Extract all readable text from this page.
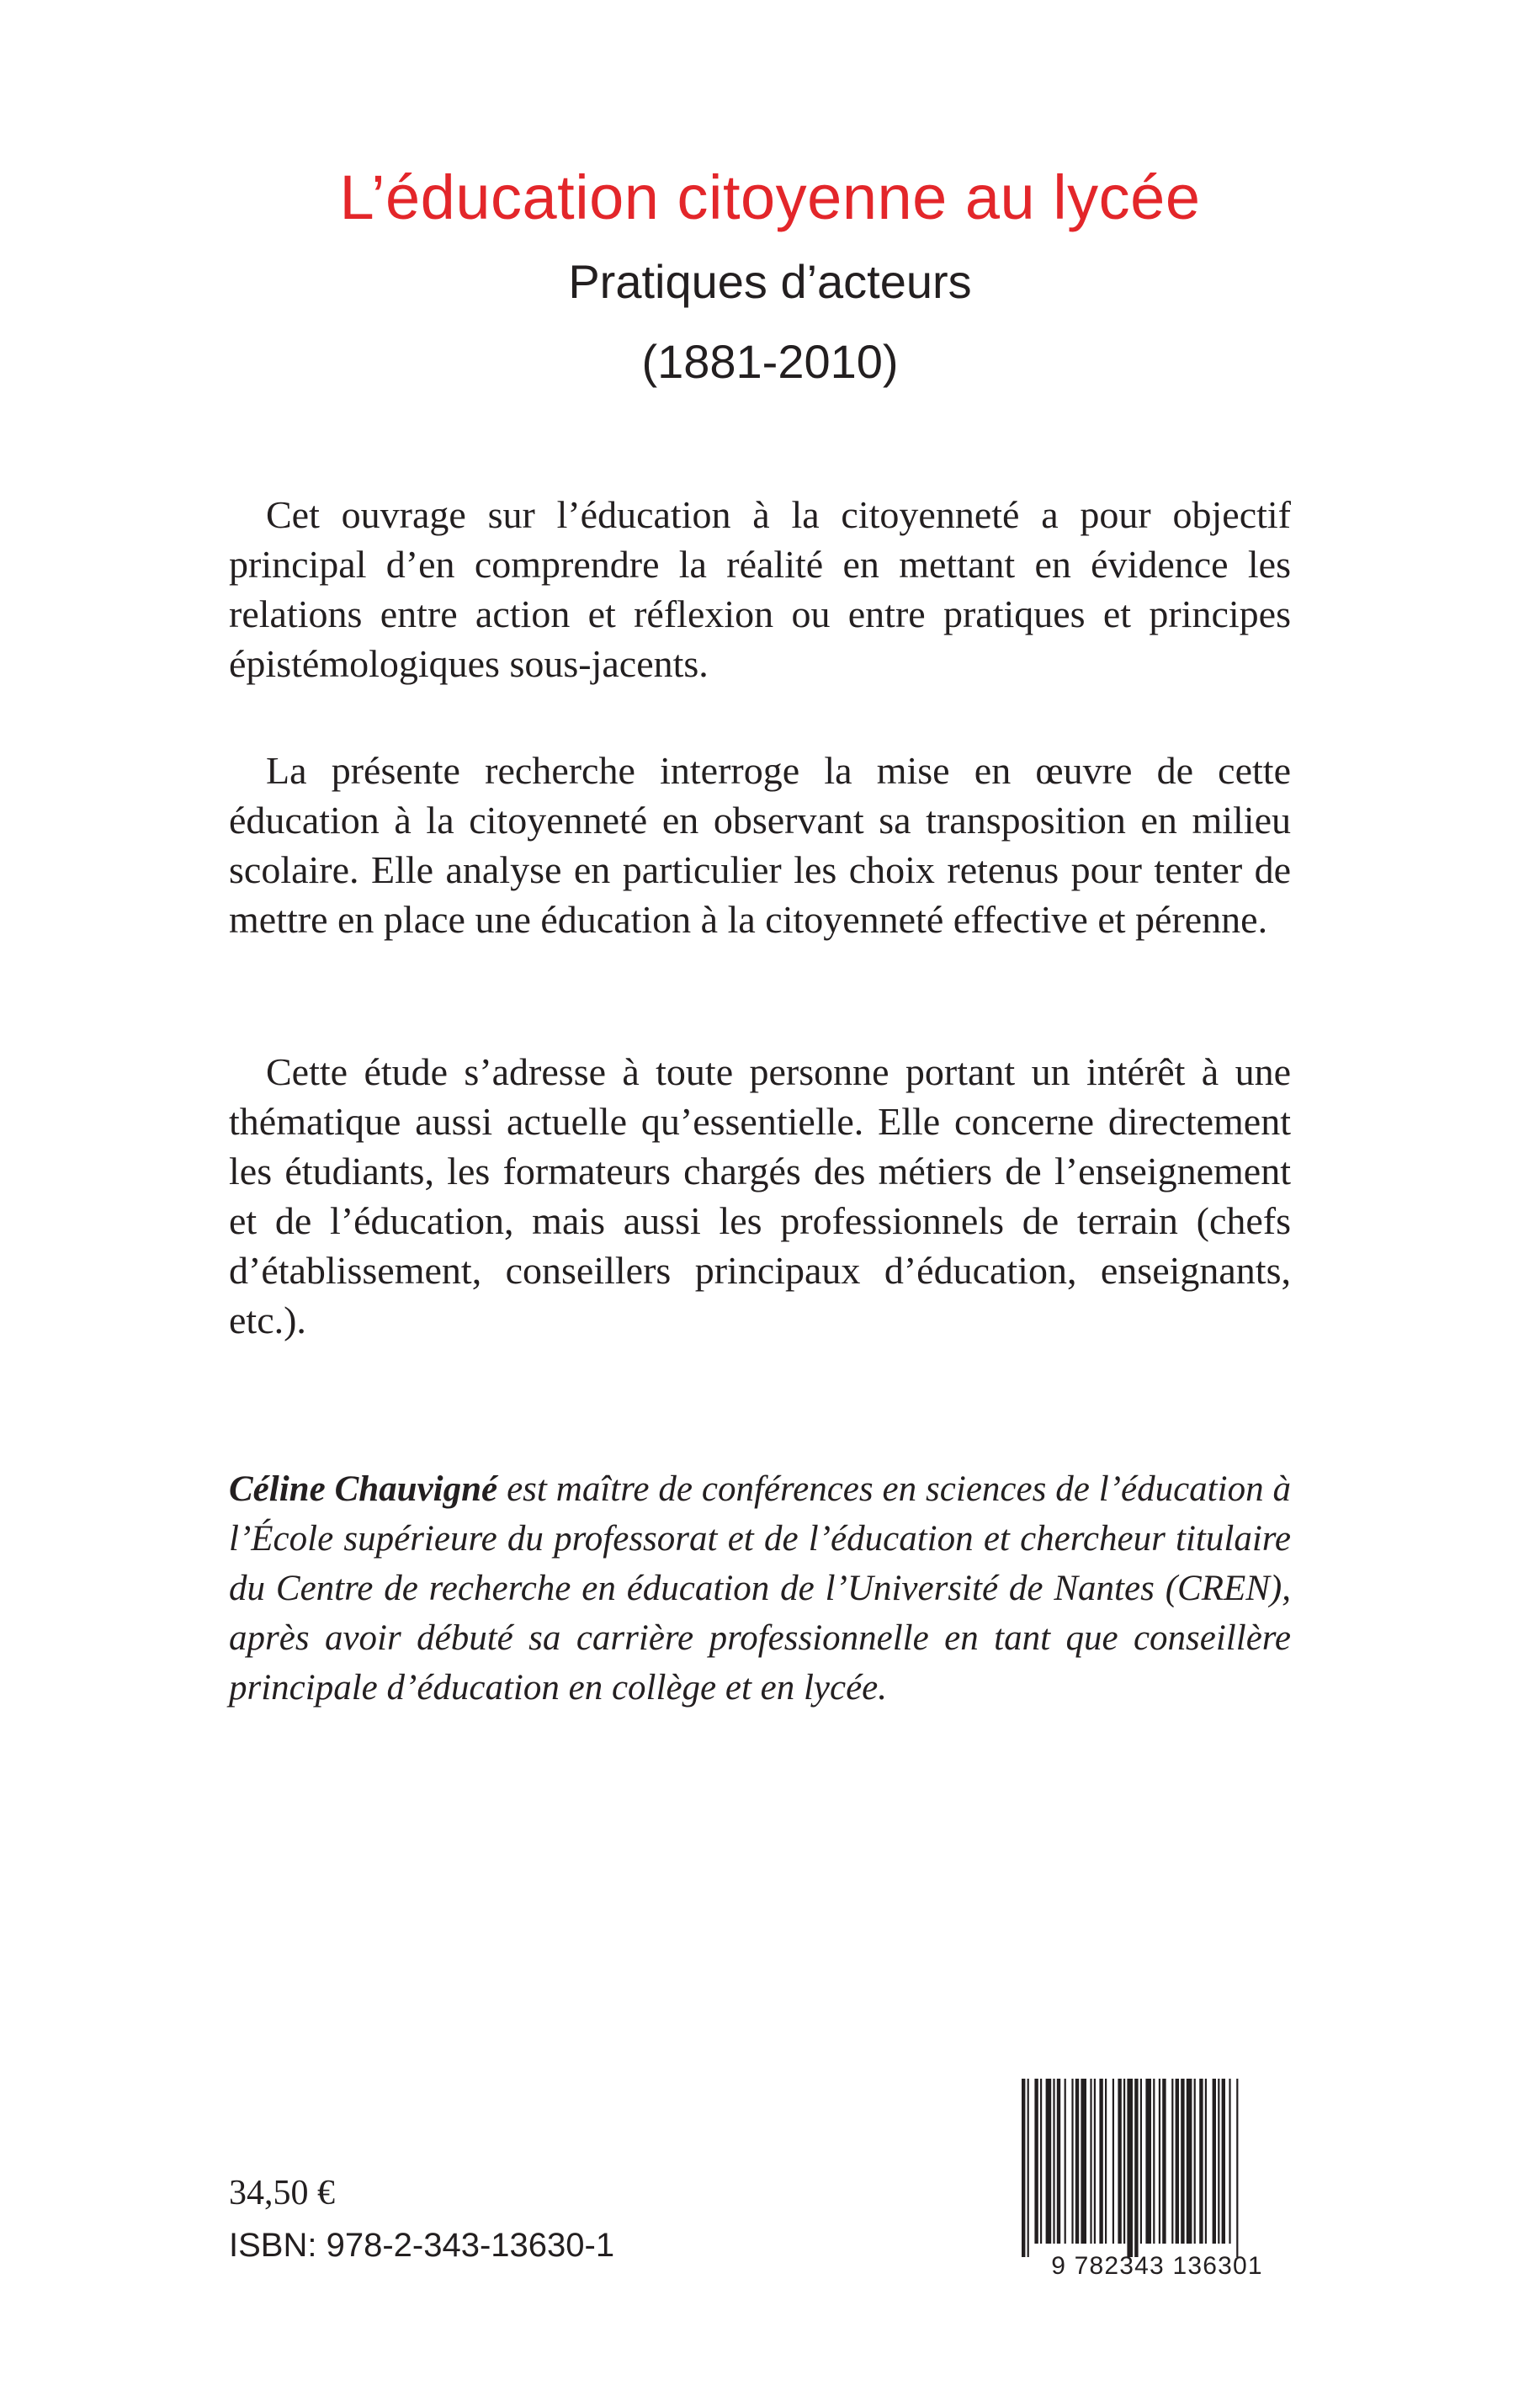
L’éducation citoyenne au lycée

Pratiques d’acteurs

(1881-2010)

Cet ouvrage sur l’éducation à la citoyenneté a pour objectif principal d’en comprendre la réalité en mettant en évidence les relations entre action et réflexion ou entre pratiques et principes épistémologiques sous-jacents.

La présente recherche interroge la mise en œuvre de cette éducation à la citoyenneté en observant sa transposition en milieu scolaire. Elle analyse en particulier les choix retenus pour tenter de mettre en place une éducation à la citoyenneté effective et pérenne.

Cette étude s’adresse à toute personne portant un intérêt à une thématique aussi actuelle qu’essentielle. Elle concerne directement les étudiants, les formateurs chargés des métiers de l’enseignement et de l’éducation, mais aussi les professionnels de terrain (chefs d’établissement, conseillers principaux d’éducation, enseignants, etc.).

Céline Chauvigné est maître de conférences en sciences de l’éducation à l’École supérieure du professorat et de l’éducation et chercheur titulaire du Centre de recherche en éducation de l’Université de Nantes (CREN), après avoir débuté sa carrière professionnelle en tant que conseillère principale d’éducation en collège et en lycée.

34,50 €

ISBN: 978-2-343-13630-1

9 782343 136301
